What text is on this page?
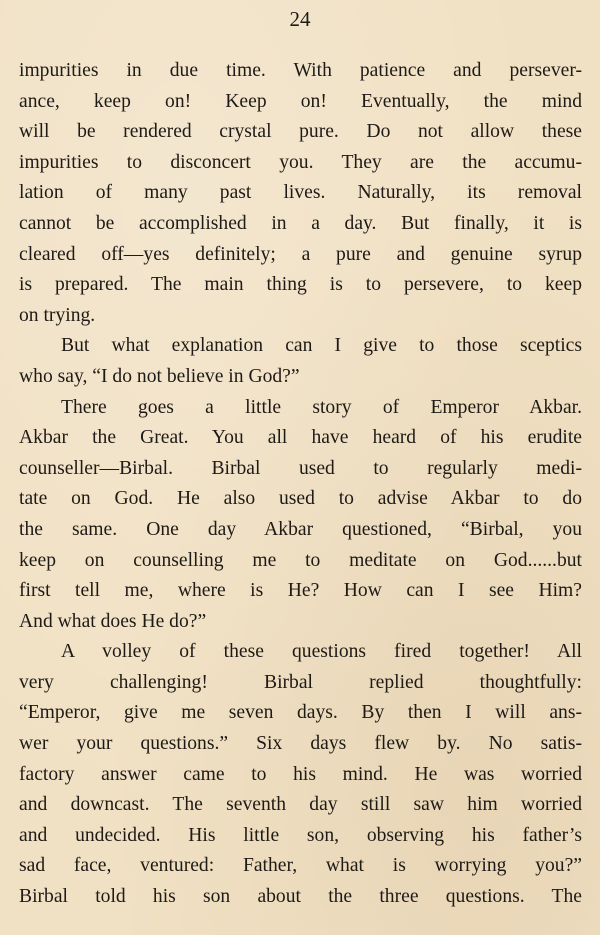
24
impurities in due time. With patience and persever-
ance, keep on! Keep on! Eventually, the mind
will be rendered crystal pure. Do not allow these
impurities to disconcert you. They are the accumu-
lation of many past lives. Naturally, its removal
cannot be accomplished in a day. But finally, it is
cleared off—yes definitely; a pure and genuine syrup
is prepared. The main thing is to persevere, to keep
on trying.
But what explanation can I give to those sceptics
who say, “I do not believe in God?”
There goes a little story of Emperor Akbar.
Akbar the Great. You all have heard of his erudite
counseller—Birbal. Birbal used to regularly medi-
tate on God. He also used to advise Akbar to do
the same. One day Akbar questioned, “Birbal, you
keep on counselling me to meditate on God......but
first tell me, where is He? How can I see Him?
And what does He do?”
A volley of these questions fired together! All
very challenging! Birbal replied thoughtfully:
“Emperor, give me seven days. By then I will ans-
wer your questions.” Six days flew by. No satis-
factory answer came to his mind. He was worried
and downcast. The seventh day still saw him worried
and undecided. His little son, observing his father’s
sad face, ventured: Father, what is worrying you?”
Birbal told his son about the three questions. The
